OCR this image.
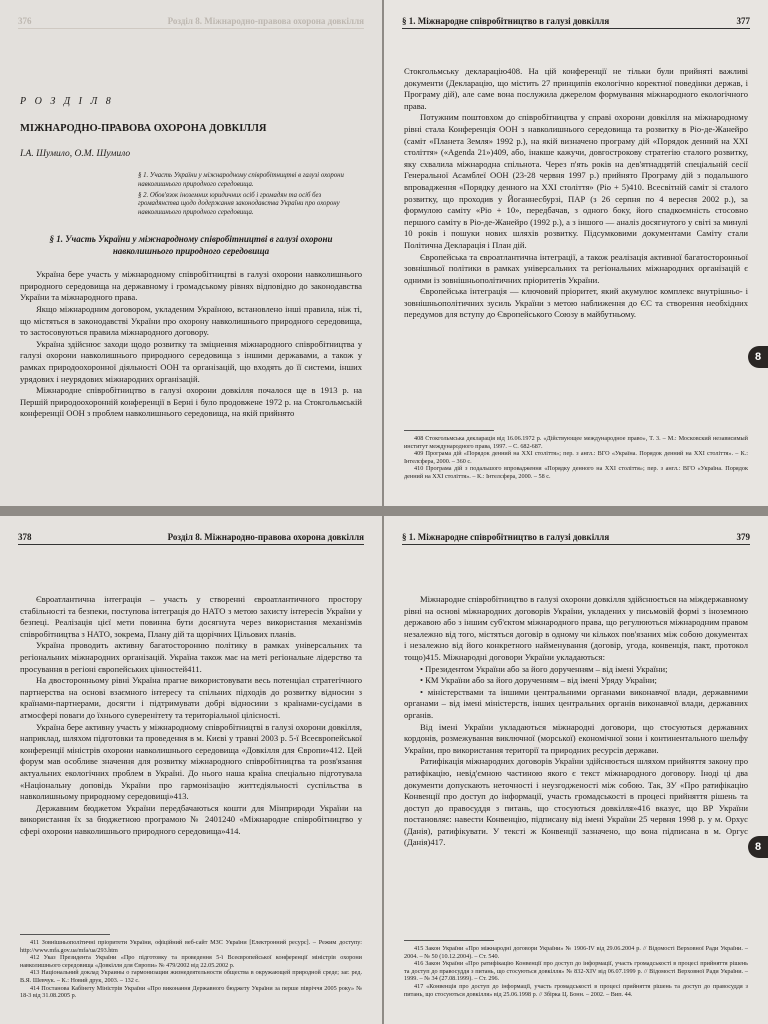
376	Розділ 8. Міжнародно-правова охорона довкілля
Р О З Д І Л 8
МІЖНАРОДНО-ПРАВОВА ОХОРОНА ДОВКІЛЛЯ
І.А. Шумило, О.М. Шумило
§ 1. Участь України у міжнародному співробітництві в галузі охорони навколишнього природного середовища.
§ 2. Обов'язок іноземних юридичних осіб і громадян та осіб без громадянства щодо додержання законодавства України про охорону навколишнього природного середовища.
§ 1. Участь України у міжнародному співробітництві в галузі охорони навколишнього природного середовища

Україна бере участь у міжнародному співробітництві в галузі охорони навколишнього природного середовища на державному і громадському рівнях відповідно до законодавства України та міжнародного права.

Якщо міжнародним договором, укладеним Україною, встановлено інші правила, ніж ті, що містяться в законодавстві України про охорону навколишнього природного середовища, то застосовуються правила міжнародного договору.

Україна здійснює заходи щодо розвитку та зміцнення міжнародного співробітництва у галузі охорони навколишнього природного середовища з іншими державами, а також у рамках природоохоронної діяльності ООН та організацій, що входять до її системи, інших урядових і неурядових міжнародних організацій.

Міжнародне співробітництво в галузі охорони довкілля почалося ще в 1913 р. на Першій природоохоронній конференції в Берні і було продовжене 1972 р. на Стокгольмській конференції ООН з проблем навколишнього середовища, на якій прийнято

§ 1. Міжнародне співробітництво в галузі довкілля	377

Стокгольмську декларацію408. На цій конференції не тільки були прийняті важливі документи (Декларацію, що містить 27 принципів екологічно коректної поведінки держав, і Програму дій), але саме вона послужила джерелом формування міжнародного екологічного права.

Потужним поштовхом до співробітництва у справі охорони довкілля на міжнародному рівні стала Конференція ООН з навколишнього середовища та розвитку в Ріо-де-Жанейро (саміт «Планета Земля» 1992 р.), на якій визначено програму дій «Порядок денний на XXI століття» («Agenda 21»)409, або, інакше кажучи, довгострокову стратегію сталого розвитку, яку схвалила міжнародна спільнота. Через п'ять років на дев'ятнадцятій спеціальній сесії Генеральної Асамблеї ООН (23-28 червня 1997 р.) прийнято Програму дій з подальшого впровадження «Порядку денного на XXI століття» (Ріо + 5)410. Всесвітній саміт зі сталого розвитку, що проходив у Йоганнесбурзі, ПАР (з 26 серпня по 4 вересня 2002 р.), за формулою саміту «Ріо + 10», передбачав, з одного боку, його спадкоємність стосовно першого саміту в Ріо-де-Жанейро (1992 р.), а з іншого — аналіз досягнутого у світі за минулі 10 років і пошуки нових шляхів розвитку. Підсумковими документами Саміту стали Політична Декларація і План дій.

Європейська та євроатлантична інтеграції, а також реалізація активної багатосторонньої зовнішньої політики в рамках універсальних та регіональних міжнародних організацій є одними із зовнішньополітичних пріоритетів України.

Європейська інтеграція — ключовий пріоритет, який акумулює комплекс внутрішньо- і зовнішньополітичних зусиль України з метою наближення до ЄС та створення необхідних передумов для вступу до Європейського Союзу в майбутньому.

408 Стокгольмська декларація від 16.06.1972 р. «Дійствующее международное право», Т. 3. – М.: Московский независимый институт международного права, 1997. – С. 682-687.
409 Програма дій «Порядок денний на XXI століття»; пер. з англ.: ВГО «Україна. Порядок денний на XXI століття». – К.: Інтелсфера, 2000. – 360 с.
410 Програма дій з подальшого впровадження «Порядку денного на XXI століття»; пер. з англ.: ВГО «Україна. Порядок денний на XXI століття». – К.: Інтелсфера, 2000. – 58 с.
8
378	Розділ 8. Міжнародно-правова охорона довкілля

Євроатлантична інтеграція – участь у створенні євроатлантичного простору стабільності та безпеки, поступова інтеграція до НАТО з метою захисту інтересів України у безпеці. Реалізація цієї мети повинна бути досягнута через використання механізмів співробітництва з НАТО, зокрема, Плану дій та щорічних Цільових планів.

Україна проводить активну багатосторонню політику в рамках універсальних та регіональних міжнародних організацій. Україна також має на меті регіональне лідерство та просування в регіоні європейських цінностей411.

На двосторонньому рівні Україна прагне використовувати весь потенціал стратегічного партнерства на основі взаємного інтересу та спільних підходів до розвитку відносин з країнами-партнерами, досягти і підтримувати добрі відносини з країнами-сусідами в атмосфері поваги до їхнього суверенітету та територіальної цілісності.

Україна бере активну участь у міжнародному співробітництві в галузі охорони довкілля, наприклад, шляхом підготовки та проведення в м. Києві у травні 2003 р. 5-ї Всеєвропейської конференції міністрів охорони навколишнього середовища «Довкілля для Європи»412. Цей форум мав особливе значення для розвитку міжнародного співробітництва та розв'язання актуальних екологічних проблем в Україні. До нього наша країна спеціально підготувала «Національну доповідь України про гармонізацію життєдіяльності суспільства в навколишньому природному середовищі»413.

Державним бюджетом України передбачаються кошти для Мінприроди України на використання їх за бюджетною програмою № 2401240 «Міжнародне співробітництво у сфері охорони навколишнього природного середовища»414.

411 Зовнішньополітичні пріоритети України, офіційний веб-сайт МЗС України [Електронний ресурс]. – Режим доступу: http://www.mfa.gov.ua/mfa/ua/293.htm
412 Указ Президента України «Про підготовку та проведення 5-ї Всеєвропейської конференції міністрів охорони навколишнього середовища «Довкілля для Європи» № 479/2002 від 22.05.2002 р.
413 Національний доклад Украины о гармонизации жизнедеятельности общества в окружающей природной среде; заг. ред. В.Я. Шевчук. – К.: Новий друк, 2003. – 132 с.
414 Постанова Кабінету Міністрів України «Про виконання Державного бюджету України за перше півріччя 2005 року» № 18-3 від 31.08.2005 р.
§ 1. Міжнародне співробітництво в галузі довкілля	379

Міжнародне співробітництво в галузі охорони довкілля здійснюється на міждержавному рівні на основі міжнародних договорів України, укладених у письмовій формі з іноземною державою або з іншим суб'єктом міжнародного права, що регулюються міжнародним правом незалежно від того, містяться договір в одному чи кількох пов'язаних між собою документах і незалежно від його конкретного найменування (договір, угода, конвенція, пакт, протокол тощо)415. Міжнародні договори України укладаються:

• Президентом України або за його дорученням – від імені України;

• КМ України або за його дорученням – від імені Уряду України;

• міністерствами та іншими центральними органами виконавчої влади, державними органами – від імені міністерств, інших центральних органів виконавчої влади, державних органів.

Від імені України укладаються міжнародні договори, що стосуються державних кордонів, розмежування виключної (морської) економічної зони і континентального шельфу України, про використання території та природних ресурсів держави.

Ратифікація міжнародних договорів України здійснюється шляхом прийняття закону про ратифікацію, невід'ємною частиною якого є текст міжнародного договору. Іноді ці два документи допускають неточності і неузгодженості між собою. Так, ЗУ «Про ратифікацію Конвенції про доступ до інформації, участь громадськості в процесі прийняття рішень та доступ до правосуддя з питань, що стосуються довкілля»416 вказує, що ВР України постановляє: навести Конвенцію, підписану від імені України 25 червня 1998 р. у м. Орхус (Данія), ратифікувати. У тексті ж Конвенції зазначено, що вона підписана в м. Оргус (Данія)417.

415 Закон України «Про міжнародні договори України» № 1906-IV від 29.06.2004 р. // Відомості Верховної Ради України. – 2004. – № 50 (10.12.2004). – Ст. 540.
416 Закон України «Про ратифікацію Конвенції про доступ до інформації, участь громадськості в процесі прийняття рішень та доступ до правосуддя з питань, що стосуються довкілля» № 832-XIV від 06.07.1999 р. // Відомості Верховної Ради України. – 1999. – № 34 (27.08.1999). – Ст. 296.
417 «Конвенція про доступ до інформації, участь громадськості в процесі прийняття рішень та доступ до правосуддя з питань, що стосуються довкілля» від 25.06.1998 р. // Збірка Ц. Бонн. – 2002. – Вип. 44.
8
